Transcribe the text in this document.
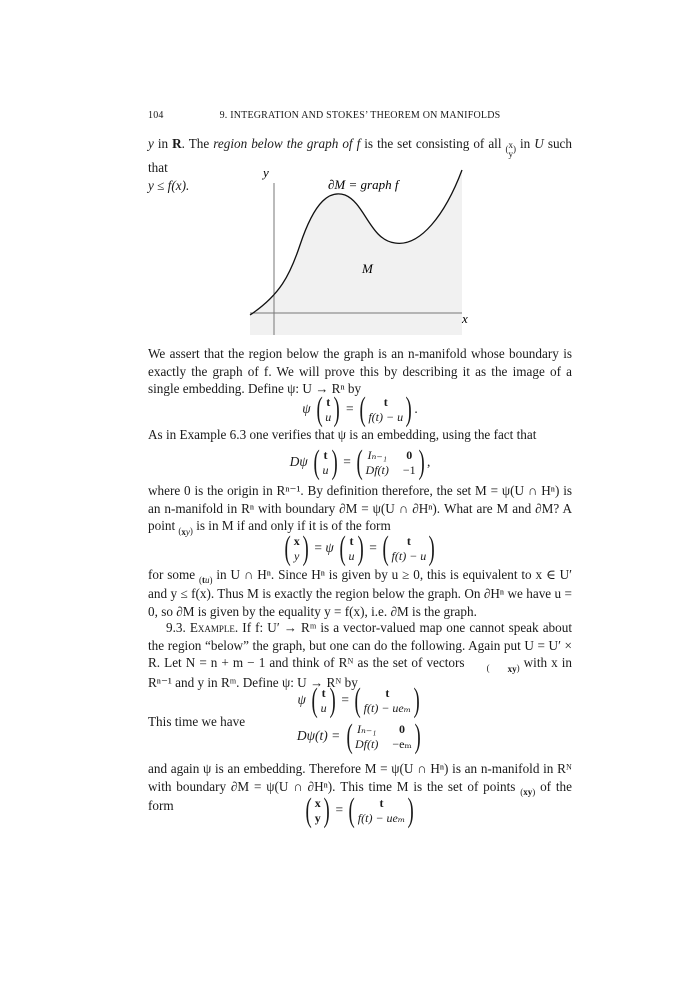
104	9. INTEGRATION AND STOKES’ THEOREM ON MANIFOLDS

y in R. The region below the graph of f is the set consisting of all ( x
y ) in U such that

y ≤ f(x).

y
x
∂M = graph f
M

We assert that the region below the graph is an n-manifold whose boundary is exactly the graph of f. We will prove this by describing it as the image of a single embedding. Define ψ: U → Rⁿ by

ψ ( t
u ) = (	t
f(t) − u ) .

As in Example 6.3 one verifies that ψ is an embedding, using the fact that

Dψ ( t
u ) = ( Iₙ₋₁ 0
Df(t) −1 ) ,

where 0 is the origin in Rⁿ⁻¹. By definition therefore, the set M = ψ(U ∩ Hⁿ) is an n-manifold in Rⁿ with boundary ∂M = ψ(U ∩ ∂Hⁿ). What are M and ∂M? A point (xy) is in M if and only if it is of the form

( x
y ) = ψ ( t
u ) = (	t
f(t) − u )

for some (tu) in U ∩ Hⁿ. Since Hⁿ is given by u ≥ 0, this is equivalent to x ∈ U′ and y ≤ f(x). Thus M is exactly the region below the graph. On ∂Hⁿ we have u = 0, so ∂M is given by the equality y = f(x), i.e. ∂M is the graph.

9.3. Example. If f: U′ → Rᵐ is a vector-valued map one cannot speak about the region “below” the graph, but one can do the following. Again put U = U′ × R. Let N = n + m − 1 and think of Rᴺ as the set of vectors ( xy) with x in Rⁿ⁻¹ and y in Rᵐ. Define ψ: U → Rᴺ by

ψ ( t
u ) = (	t
f(t) − ueₘ )

This time we have

Dψ(t) = ( Iₙ₋₁	0
Df(t) −eₘ )

and again ψ is an embedding. Therefore M = ψ(U ∩ Hⁿ) is an n-manifold in Rᴺ with boundary ∂M = ψ(U ∩ ∂Hⁿ). This time M is the set of points (xy) of the form	( x
y ) = (	t
f(t) − ueₘ )
